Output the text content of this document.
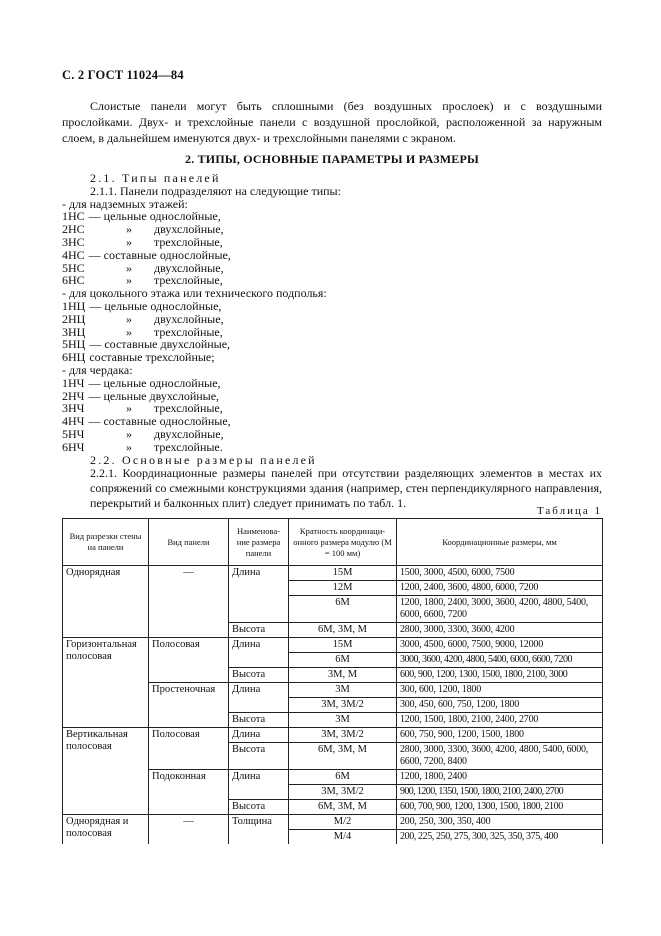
С. 2 ГОСТ 11024—84
Слоистые панели могут быть сплошными (без воздушных прослоек) и с воздушными прослойками. Двух- и трехслойные панели с воздушной прослойкой, расположенной за наружным слоем, в дальнейшем именуются двух- и трехслойными панелями с экраном.
2. ТИПЫ, ОСНОВНЫЕ ПАРАМЕТРЫ И РАЗМЕРЫ
2.1. Типы панелей
2.1.1. Панели подразделяют на следующие типы:
- для надземных этажей:
1НС — цельные однослойные,
2НС	» двухслойные,
3НС	» трехслойные,
4НС — составные однослойные,
5НС	» двухслойные,
6НС	» трехслойные,
- для цокольного этажа или технического подполья:
1НЦ — цельные однослойные,
2НЦ	» двухслойные,
3НЦ	» трехслойные,
5НЦ — составные двухслойные,
6НЦ составные трехслойные;
- для чердака:
1НЧ — цельные однослойные,
2НЧ — цельные двухслойные,
3НЧ	» трехслойные,
4НЧ — составные однослойные,
5НЧ	» двухслойные,
6НЧ	» трехслойные.
2.2. Основные размеры панелей
2.2.1. Координационные размеры панелей при отсутствии разделяющих элементов в местах их сопряжений со смежными конструкциями здания (например, стен перпендикулярного направления, перекрытий и балконных плит) следует принимать по табл. 1.
Таблица 1
Вид разрезки стены на панели	Вид панели	Наименова-ние размера панели	Кратность координаци-онного размера модулю (М = 100 мм)	Координационные размеры, мм
Однорядная	—	Длина	15М	1500, 3000, 4500, 6000, 7500
			12М	1200, 2400, 3600, 4800, 6000, 7200
			6М	1200, 1800, 2400, 3000, 3600, 4200, 4800, 5400, 6000, 6600, 7200
		Высота	6М, 3М, М	2800, 3000, 3300, 3600, 4200
Горизонтальная полосовая	Полосовая	Длина	15М	3000, 4500, 6000, 7500, 9000, 12000
			6М	3000, 3600, 4200, 4800, 5400, 6000, 6600, 7200
		Высота	3М, М	600, 900, 1200, 1300, 1500, 1800, 2100, 3000
	Простеночная	Длина	3М	300, 600, 1200, 1800
			3М, 3М/2	300, 450, 600, 750, 1200, 1800
		Высота	3М	1200, 1500, 1800, 2100, 2400, 2700
Вертикальная полосовая	Полосовая	Длина	3М, 3М/2	600, 750, 900, 1200, 1500, 1800
		Высота	6М, 3М, М	2800, 3000, 3300, 3600, 4200, 4800, 5400, 6000, 6600, 7200, 8400
	Подоконная	Длина	6М	1200, 1800, 2400
			3М, 3М/2	900, 1200, 1350, 1500, 1800, 2100, 2400, 2700
		Высота	6М, 3М, М	600, 700, 900, 1200, 1300, 1500, 1800, 2100
Однорядная и полосовая	—	Толщина	М/2	200, 250, 300, 350, 400
			М/4	200, 225, 250, 275, 300, 325, 350, 375, 400
